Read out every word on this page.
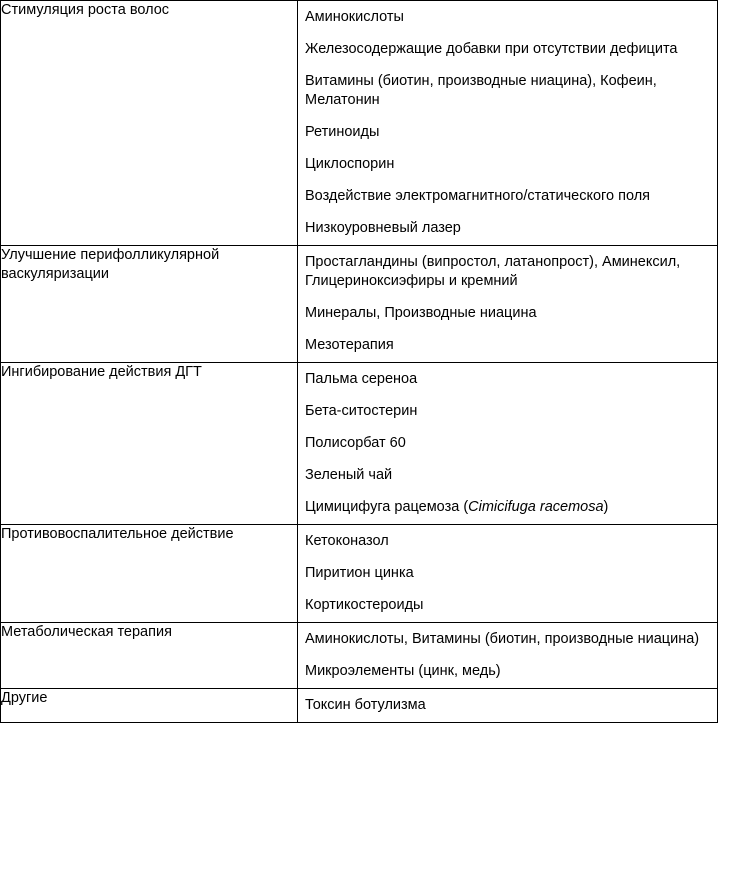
Стимуляция роста волос	Аминокислоты
Железосодержащие добавки при отсутствии дефицита
Витамины (биотин, производные ниацина), Кофеин, Мелатонин
Ретиноиды
Циклоспорин
Воздействие электромагнитного/статического поля
Низкоуровневый лазер

Улучшение перифолликулярной васкуляризации	Простагландины (випростол, латанопрост), Аминексил, Глицериноксиэфиры и кремний
Минералы, Производные ниацина
Мезотерапия

Ингибирование действия ДГТ	Пальма сереноа
Бета-ситостерин
Полисорбат 60
Зеленый чай
Цимицифуга рацемоза (Cimicifuga racemosa)

Противовоспалительное действие	Кетоконазол
Пиритион цинка
Кортикостероиды

Метаболическая терапия	Аминокислоты, Витамины (биотин, производные ниацина)
Микроэлементы (цинк, медь)

Другие	Токсин ботулизма
